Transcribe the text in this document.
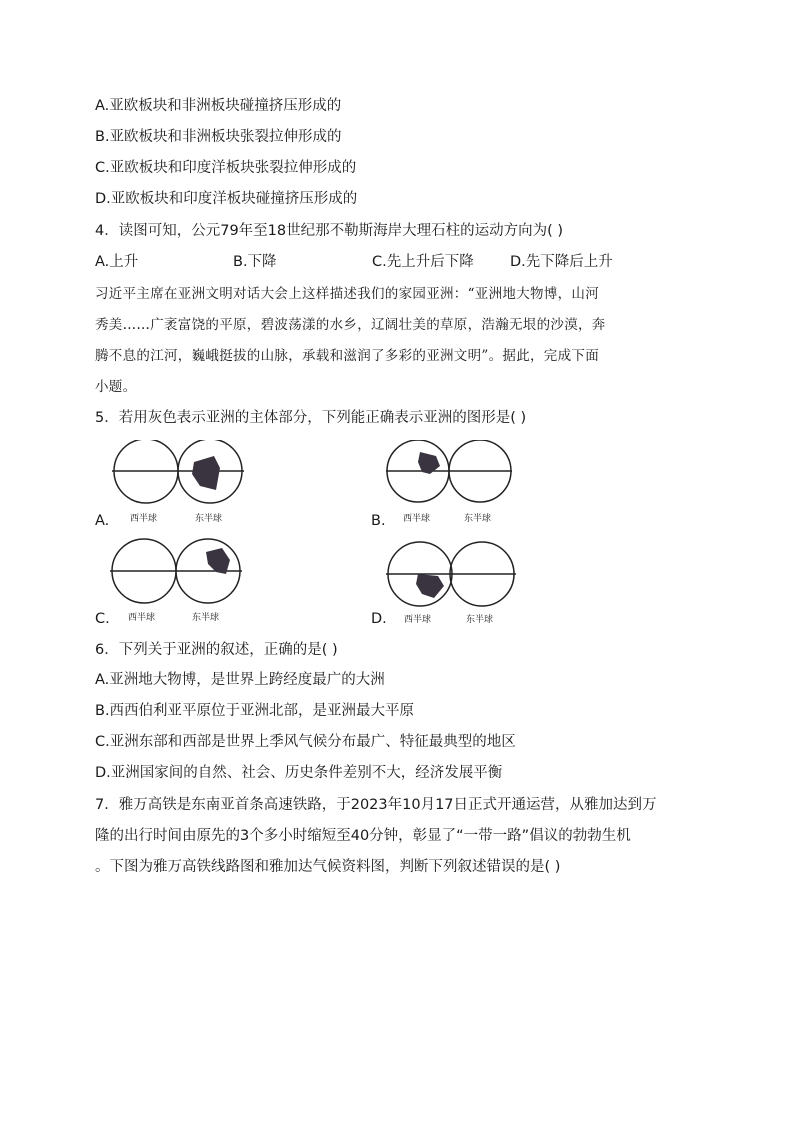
A.亚欧板块和非洲板块碰撞挤压形成的
B.亚欧板块和非洲板块张裂拉伸形成的
C.亚欧板块和印度洋板块张裂拉伸形成的
D.亚欧板块和印度洋板块碰撞挤压形成的
4．读图可知，公元79年至18世纪那不勒斯海岸大理石柱的运动方向为( )
A.上升	B.下降	C.先上升后下降	D.先下降后上升
习近平主席在亚洲文明对话大会上这样描述我们的家园亚洲：“亚洲地大物博，山河
秀美……广袤富饶的平原，碧波荡漾的水乡，辽阔壮美的草原，浩瀚无垠的沙漠，奔
腾不息的江河，巍峨挺拔的山脉，承载和滋润了多彩的亚洲文明”。据此，完成下面
小题。
5．若用灰色表示亚洲的主体部分，下列能正确表示亚洲的图形是( )
A. 西半球	东半球	B. 西半球	东半球
C. 西半球	东半球	D. 西半球	东半球
6．下列关于亚洲的叙述，正确的是( )
A.亚洲地大物博，是世界上跨经度最广的大洲
B.西西伯利亚平原位于亚洲北部，是亚洲最大平原
C.亚洲东部和西部是世界上季风气候分布最广、特征最典型的地区
D.亚洲国家间的自然、社会、历史条件差别不大，经济发展平衡
7．雅万高铁是东南亚首条高速铁路，于2023年10月17日正式开通运营，从雅加达到万
隆的出行时间由原先的3个多小时缩短至40分钟，彰显了“一带一路”倡议的勃勃生机
。下图为雅万高铁线路图和雅加达气候资料图，判断下列叙述错误的是( )
